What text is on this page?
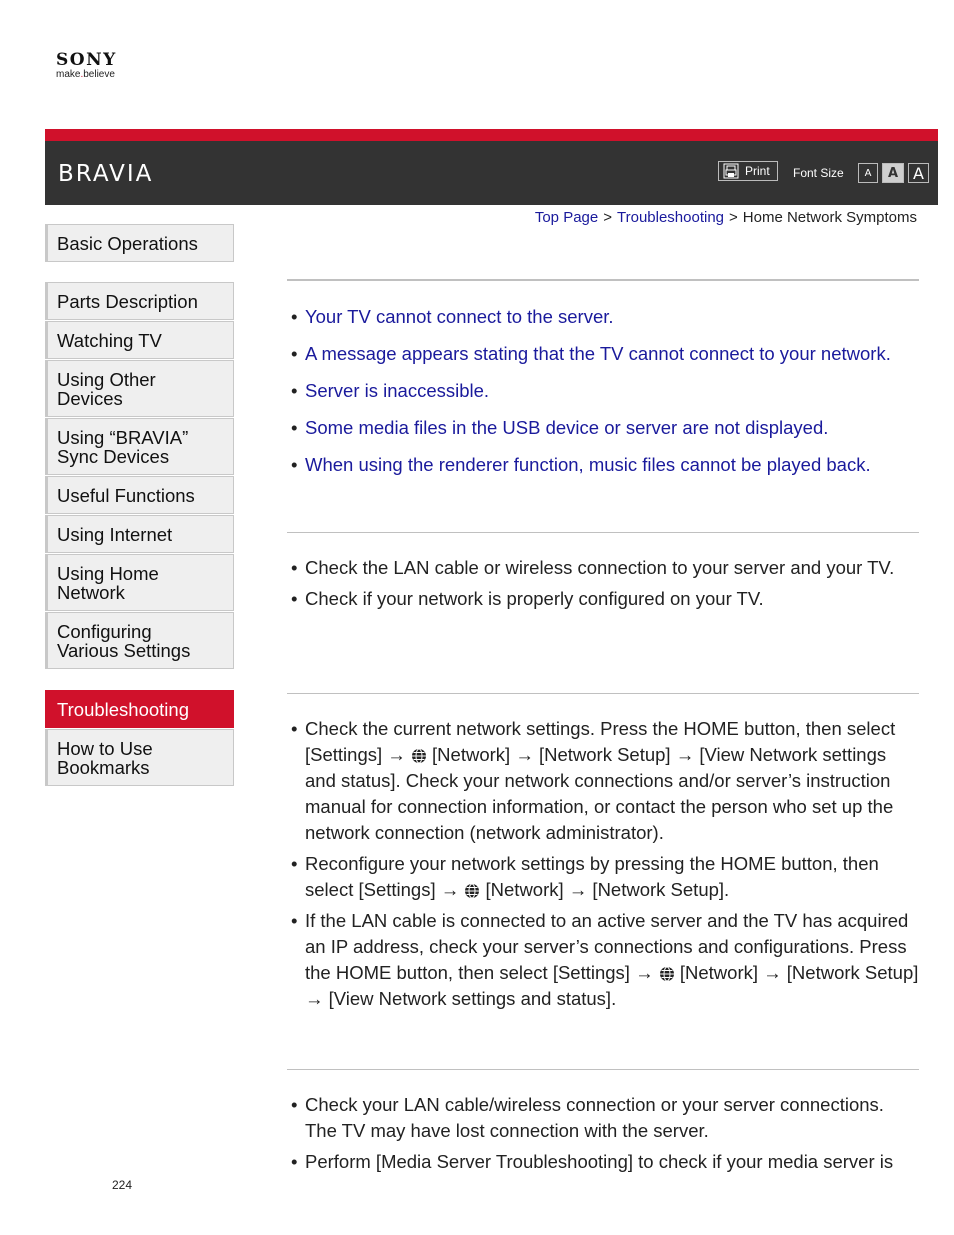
SONY
make.believe
BRAVIA	Print Font Size	A	A A
Top Page > Troubleshooting > Home Network Symptoms
Basic Operations
Parts Description
Watching TV
Using Other
Devices
Using “BRAVIA”
Sync Devices
Useful Functions
Using Internet
Using Home
Network
Configuring
Various Settings
Troubleshooting
How to Use
Bookmarks
• Your TV cannot connect to the server.
• A message appears stating that the TV cannot connect to your network.
• Server is inaccessible.
• Some media files in the USB device or server are not displayed.
• When using the renderer function, music files cannot be played back.
• Check the LAN cable or wireless connection to your server and your TV.
• Check if your network is properly configured on your TV.
• Check the current network settings. Press the HOME button, then select [Settings] → [Network] → [Network Setup] → [View Network settings and status]. Check your network connections and/or server’s instruction manual for connection information, or contact the person who set up the network connection (network administrator).
• Reconfigure your network settings by pressing the HOME button, then select [Settings] → [Network] → [Network Setup].
• If the LAN cable is connected to an active server and the TV has acquired an IP address, check your server’s connections and configurations. Press the HOME button, then select [Settings] → [Network] → [Network Setup] → [View Network settings and status].
• Check your LAN cable/wireless connection or your server connections. The TV may have lost connection with the server.
• Perform [Media Server Troubleshooting] to check if your media server is
224
